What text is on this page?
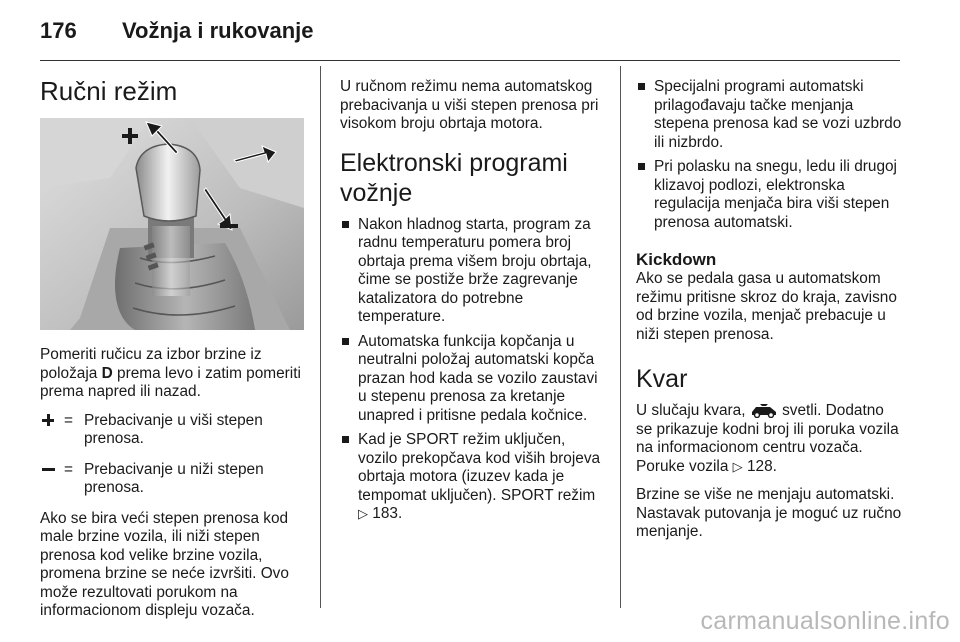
176 Vožnja i rukovanje
Ručni režim

Pomeriti ručicu za izbor brzine iz položaja D prema levo i zatim pomeriti prema napred ili nazad.

= Prebacivanje u viši stepen prenosa.
= Prebacivanje u niži stepen prenosa.

Ako se bira veći stepen prenosa kod male brzine vozila, ili niži stepen prenosa kod velike brzine vozila, promena brzine se neće izvršiti. Ovo može rezultovati porukom na informacionom displeju vozača.

U ručnom režimu nema automatskog prebacivanja u viši stepen prenosa pri visokom broju obrtaja motora.

Elektronski programi vožnje
Nakon hladnog starta, program za radnu temperaturu pomera broj obrtaja prema višem broju obrtaja, čime se postiže brže zagrevanje katalizatora do potrebne temperature.
Automatska funkcija kopčanja u neutralni položaj automatski kopča prazan hod kada se vozilo zaustavi u stepenu prenosa za kretanje unapred i pritisne pedala kočnice.
Kad je SPORT režim uključen, vozilo prekopčava kod viših brojeva obrtaja motora (izuzev kada je tempomat uključen). SPORT režim ▷ 183.
Specijalni programi automatski prilagođavaju tačke menjanja stepena prenosa kad se vozi uzbrdo ili nizbrdo.
Pri polasku na snegu, ledu ili drugoj klizavoj podlozi, elektronska regulacija menjača bira viši stepen prenosa automatski.
Kickdown

Ako se pedala gasa u automatskom režimu pritisne skroz do kraja, zavisno od brzine vozila, menjač prebacuje u niži stepen prenosa.

Kvar

U slučaju kvara, svetli. Dodatno se prikazuje kodni broj ili poruka vozila na informacionom centru vozača. Poruke vozila ▷ 128.

Brzine se više ne menjaju automatski. Nastavak putovanja je moguć uz ručno menjanje.

carmanualsonline.info
